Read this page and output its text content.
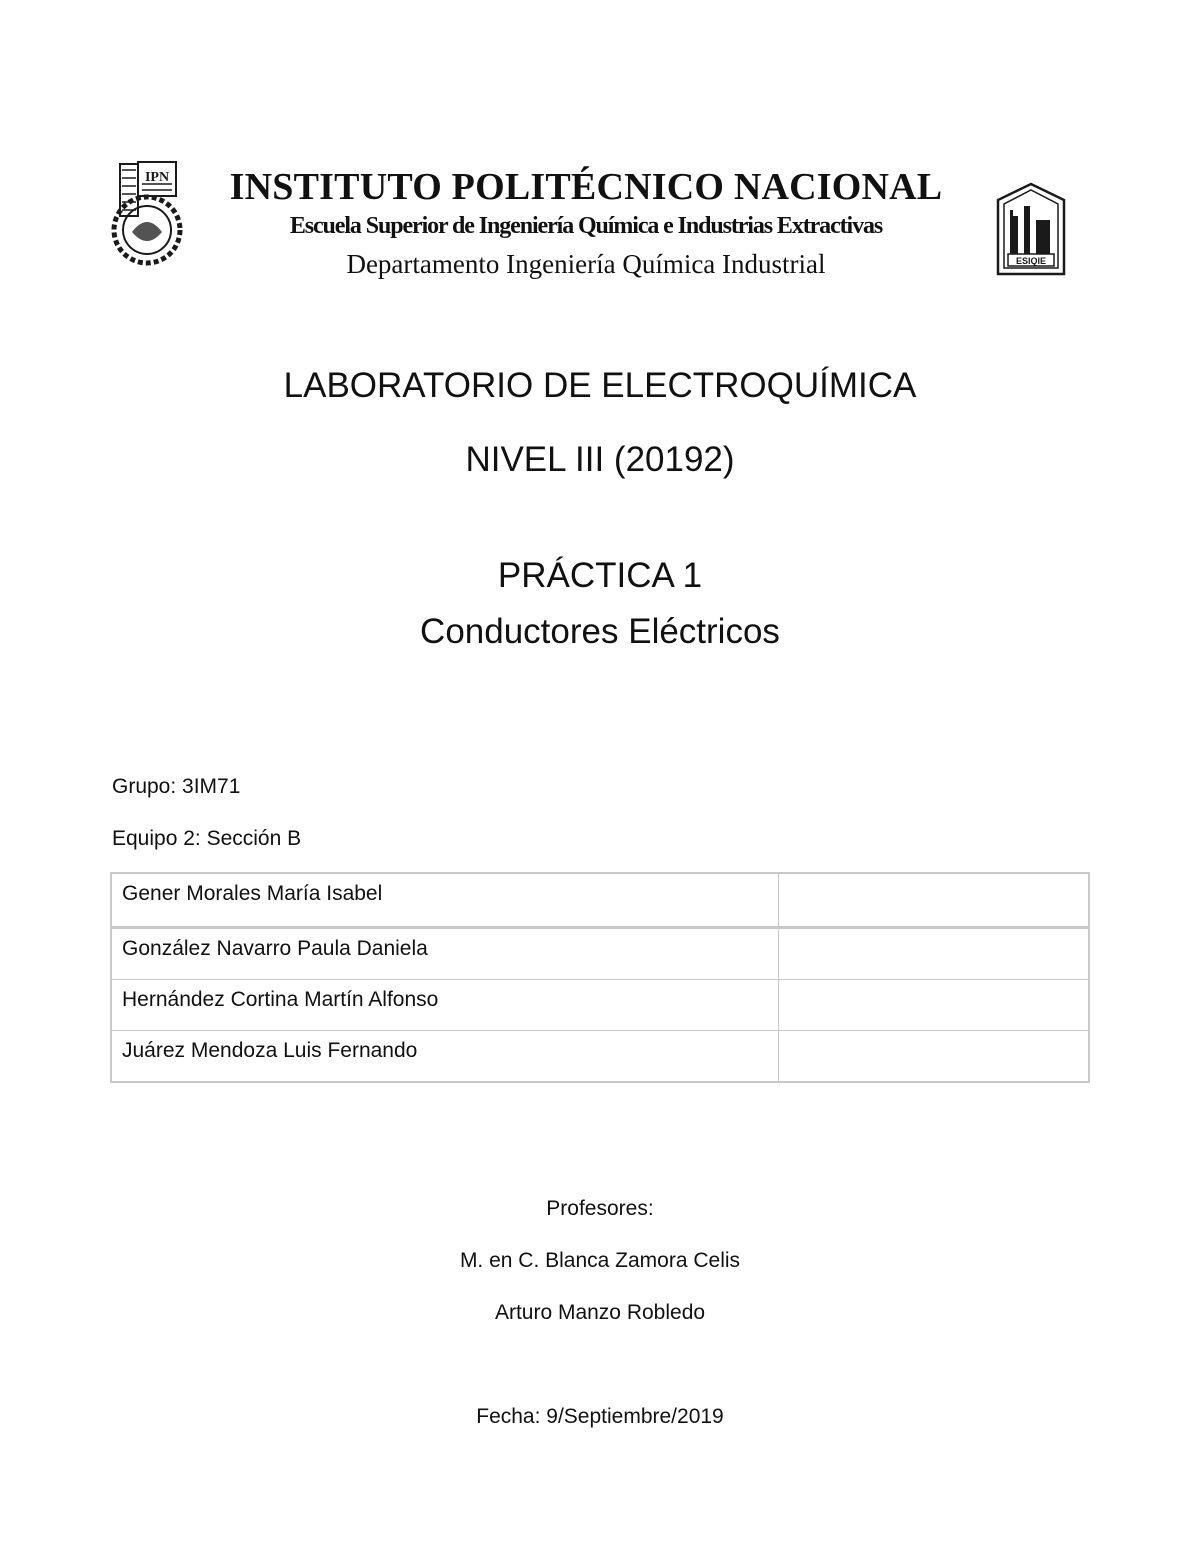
IPN
ESIQIE
INSTITUTO POLITÉCNICO NACIONAL
Escuela Superior de Ingeniería Química e Industrias Extractivas
Departamento Ingeniería Química Industrial
LABORATORIO DE ELECTROQUÍMICA
NIVEL III (20192)
PRÁCTICA 1
Conductores Eléctricos
Grupo: 3IM71
Equipo 2: Sección B
Gener Morales María Isabel	
González Navarro Paula Daniela	
Hernández Cortina Martín Alfonso	
Juárez Mendoza Luis Fernando	
Profesores:
M. en C. Blanca Zamora Celis
Arturo Manzo Robledo
Fecha: 9/Septiembre/2019
